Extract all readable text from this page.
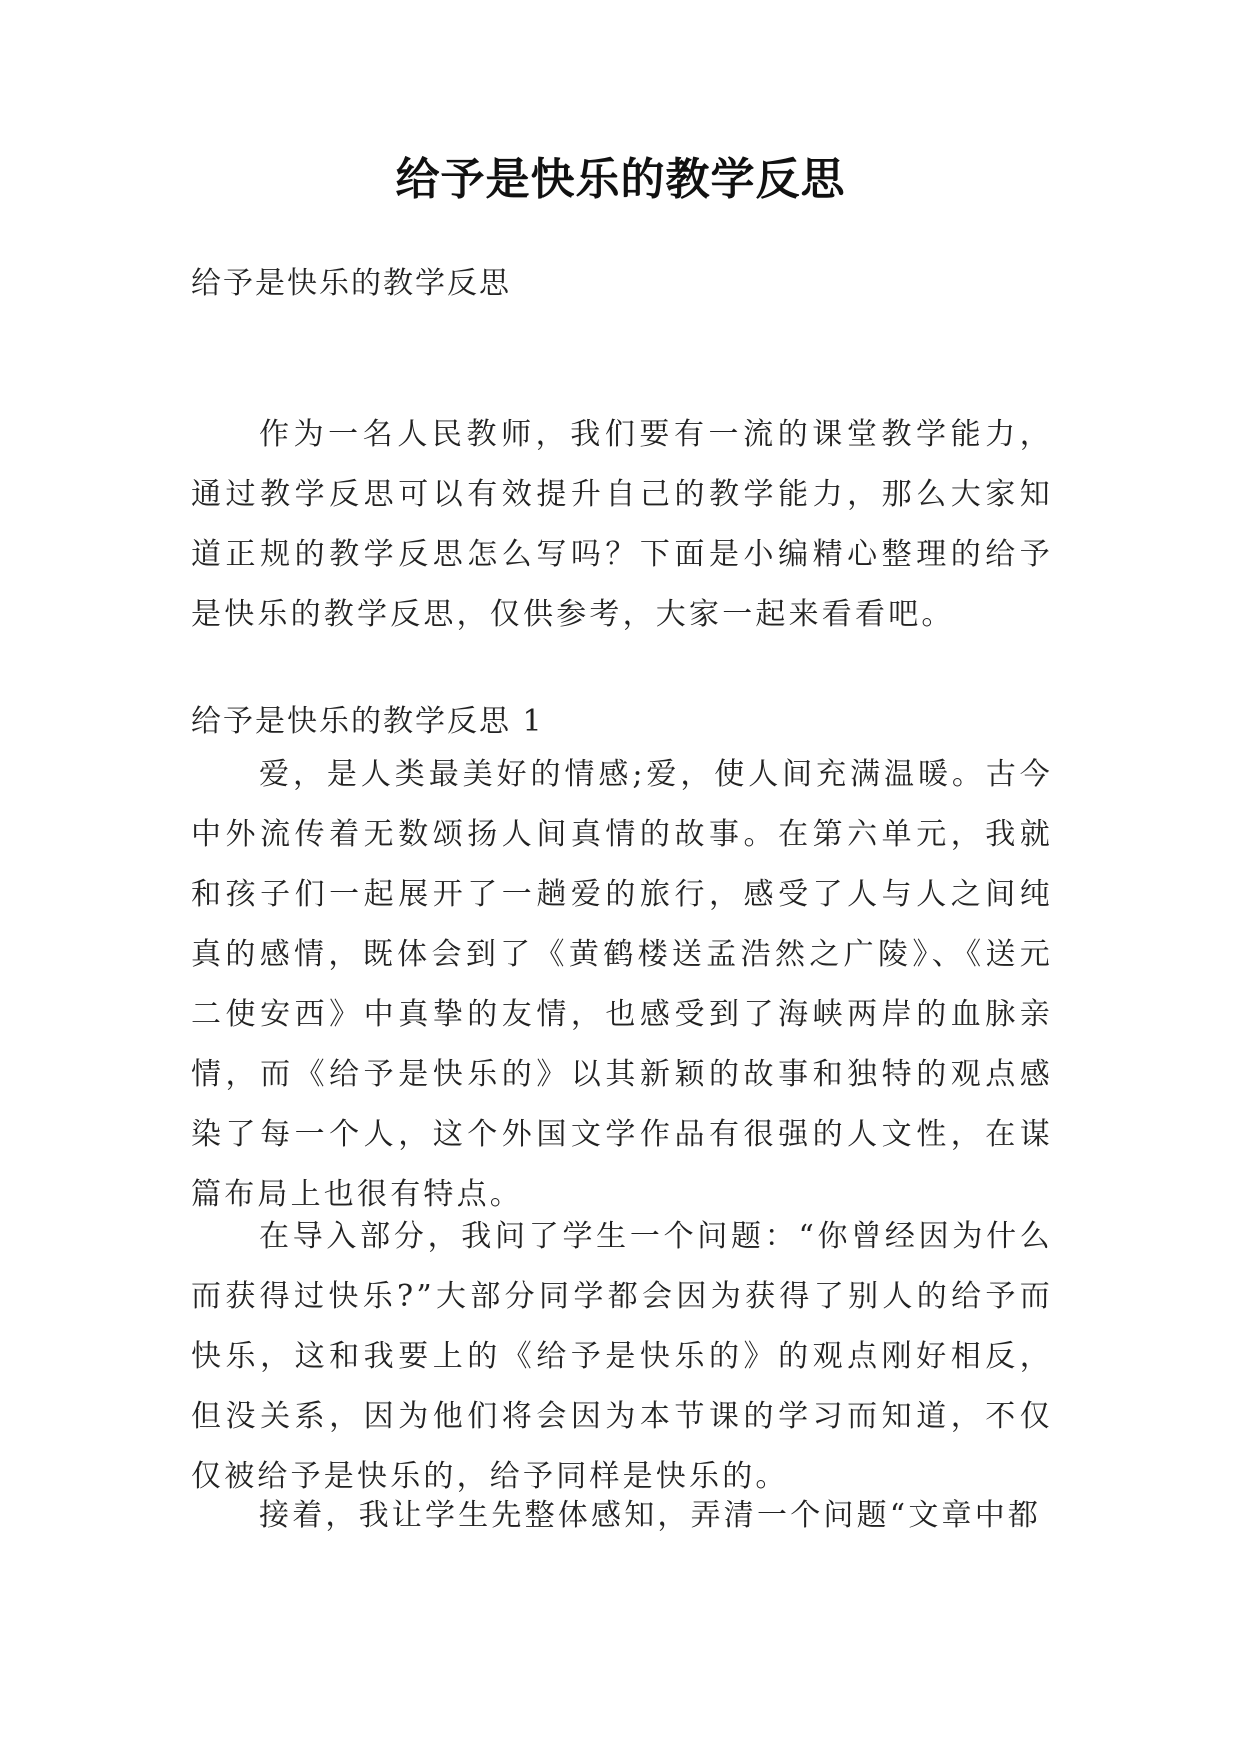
给予是快乐的教学反思
给予是快乐的教学反思

作为一名人民教师，我们要有一流的课堂教学能力，通过教学反思可以有效提升自己的教学能力，那么大家知道正规的教学反思怎么写吗？下面是小编精心整理的给予是快乐的教学反思，仅供参考，大家一起来看看吧。

给予是快乐的教学反思 1

爱，是人类最美好的情感;爱，使人间充满温暖。古今中外流传着无数颂扬人间真情的故事。在第六单元，我就和孩子们一起展开了一趟爱的旅行，感受了人与人之间纯真的感情，既体会到了《黄鹤楼送孟浩然之广陵》、《送元二使安西》中真挚的友情，也感受到了海峡两岸的血脉亲情，而《给予是快乐的》以其新颖的故事和独特的观点感染了每一个人，这个外国文学作品有很强的人文性，在谋篇布局上也很有特点。

在导入部分，我问了学生一个问题：“你曾经因为什么而获得过快乐?”大部分同学都会因为获得了别人的给予而快乐，这和我要上的《给予是快乐的》的观点刚好相反，但没关系，因为他们将会因为本节课的学习而知道，不仅仅被给予是快乐的，给予同样是快乐的。

接着，我让学生先整体感知，弄清一个问题“文章中都
